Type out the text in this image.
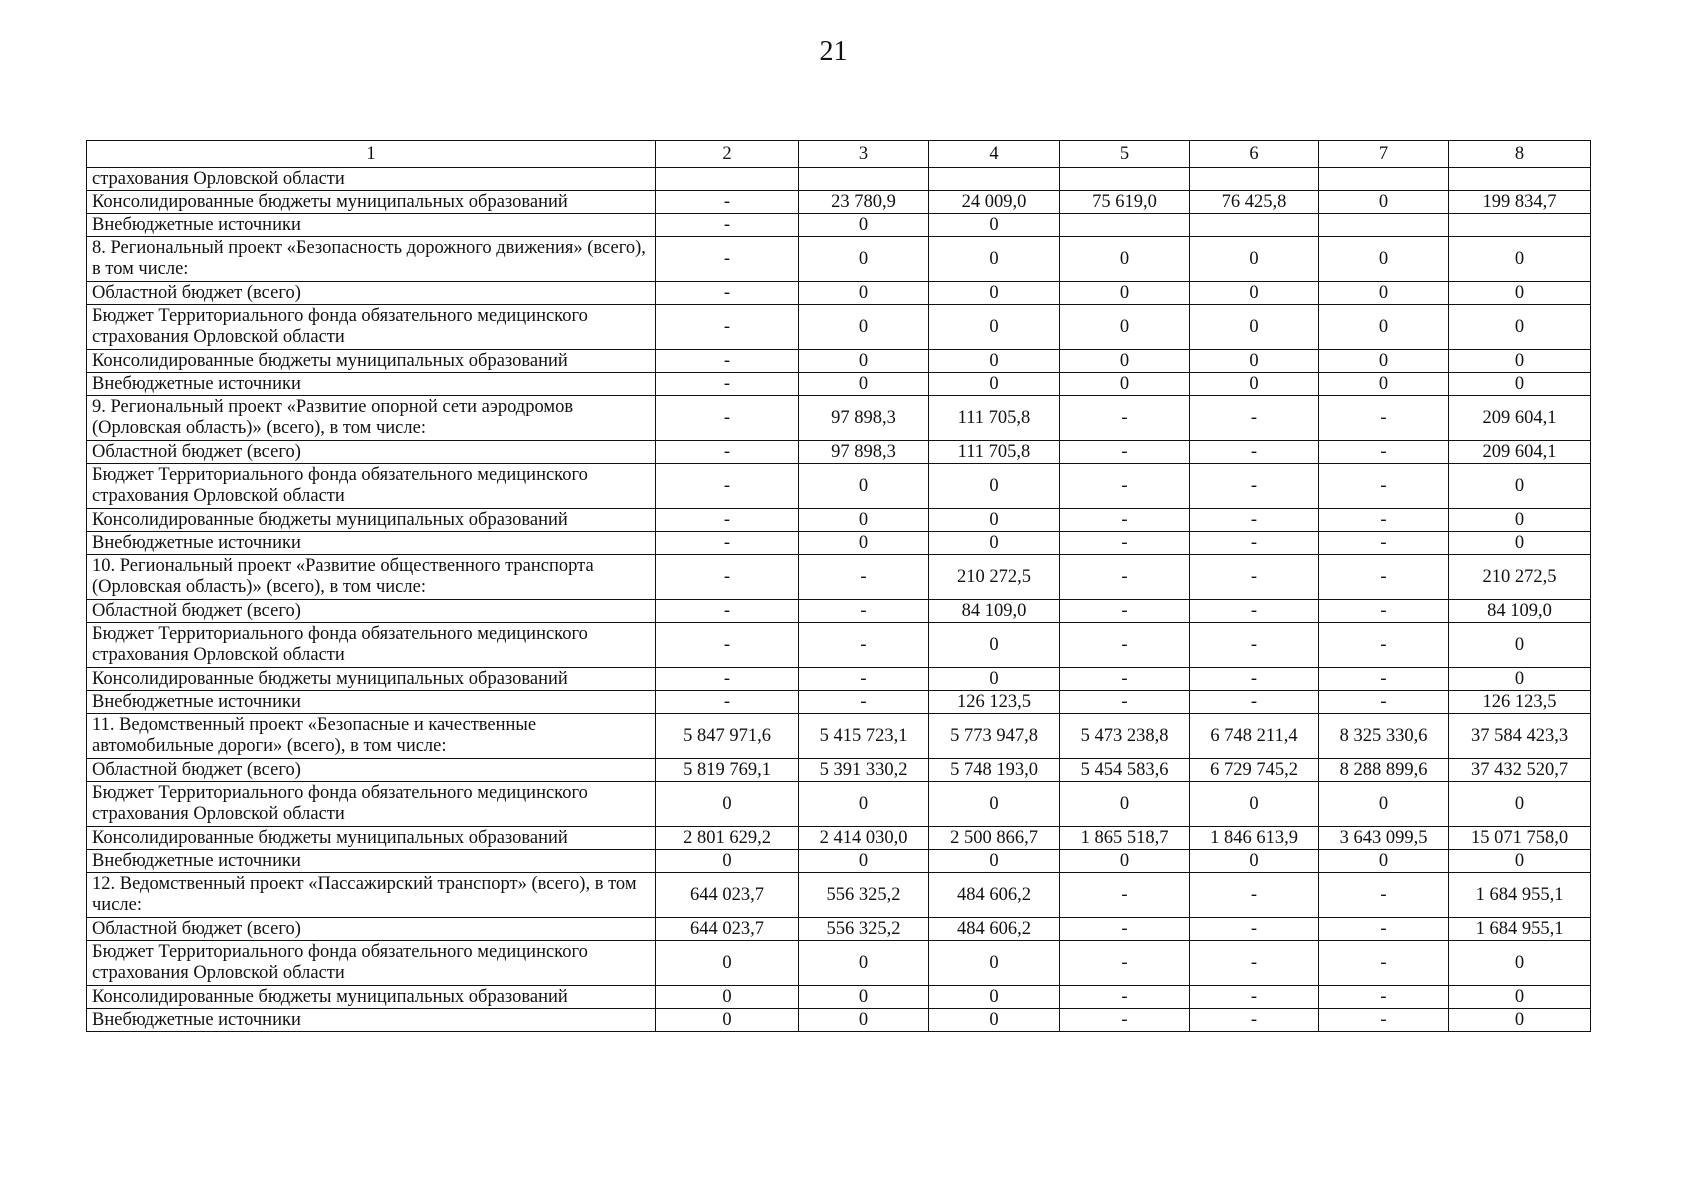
21
1	2	3	4	5	6	7	8
страхования Орловской области							
Консолидированные бюджеты муниципальных образований	-	23 780,9	24 009,0	75 619,0	76 425,8	0	199 834,7
Внебюджетные источники	-	0	0				
8. Региональный проект «Безопасность дорожного движения» (всего), в том числе:	-	0	0	0	0	0	0
Областной бюджет (всего)	-	0	0	0	0	0	0
Бюджет Территориального фонда обязательного медицинского страхования Орловской области	-	0	0	0	0	0	0
Консолидированные бюджеты муниципальных образований	-	0	0	0	0	0	0
Внебюджетные источники	-	0	0	0	0	0	0
9. Региональный проект «Развитие опорной сети аэродромов (Орловская область)» (всего), в том числе:	-	97 898,3	111 705,8	-	-	-	209 604,1
Областной бюджет (всего)	-	97 898,3	111 705,8	-	-	-	209 604,1
Бюджет Территориального фонда обязательного медицинского страхования Орловской области	-	0	0	-	-	-	0
Консолидированные бюджеты муниципальных образований	-	0	0	-	-	-	0
Внебюджетные источники	-	0	0	-	-	-	0
10. Региональный проект «Развитие общественного транспорта (Орловская область)» (всего), в том числе:	-	-	210 272,5	-	-	-	210 272,5
Областной бюджет (всего)	-	-	84 109,0	-	-	-	84 109,0
Бюджет Территориального фонда обязательного медицинского страхования Орловской области	-	-	0	-	-	-	0
Консолидированные бюджеты муниципальных образований	-	-	0	-	-	-	0
Внебюджетные источники	-	-	126 123,5	-	-	-	126 123,5
11. Ведомственный проект «Безопасные и качественные автомобильные дороги» (всего), в том числе:	5 847 971,6	5 415 723,1	5 773 947,8	5 473 238,8	6 748 211,4	8 325 330,6	37 584 423,3
Областной бюджет (всего)	5 819 769,1	5 391 330,2	5 748 193,0	5 454 583,6	6 729 745,2	8 288 899,6	37 432 520,7
Бюджет Территориального фонда обязательного медицинского страхования Орловской области	0	0	0	0	0	0	0
Консолидированные бюджеты муниципальных образований	2 801 629,2	2 414 030,0	2 500 866,7	1 865 518,7	1 846 613,9	3 643 099,5	15 071 758,0
Внебюджетные источники	0	0	0	0	0	0	0
12. Ведомственный проект «Пассажирский транспорт» (всего), в том числе:	644 023,7	556 325,2	484 606,2	-	-	-	1 684 955,1
Областной бюджет (всего)	644 023,7	556 325,2	484 606,2	-	-	-	1 684 955,1
Бюджет Территориального фонда обязательного медицинского страхования Орловской области	0	0	0	-	-	-	0
Консолидированные бюджеты муниципальных образований	0	0	0	-	-	-	0
Внебюджетные источники	0	0	0	-	-	-	0
